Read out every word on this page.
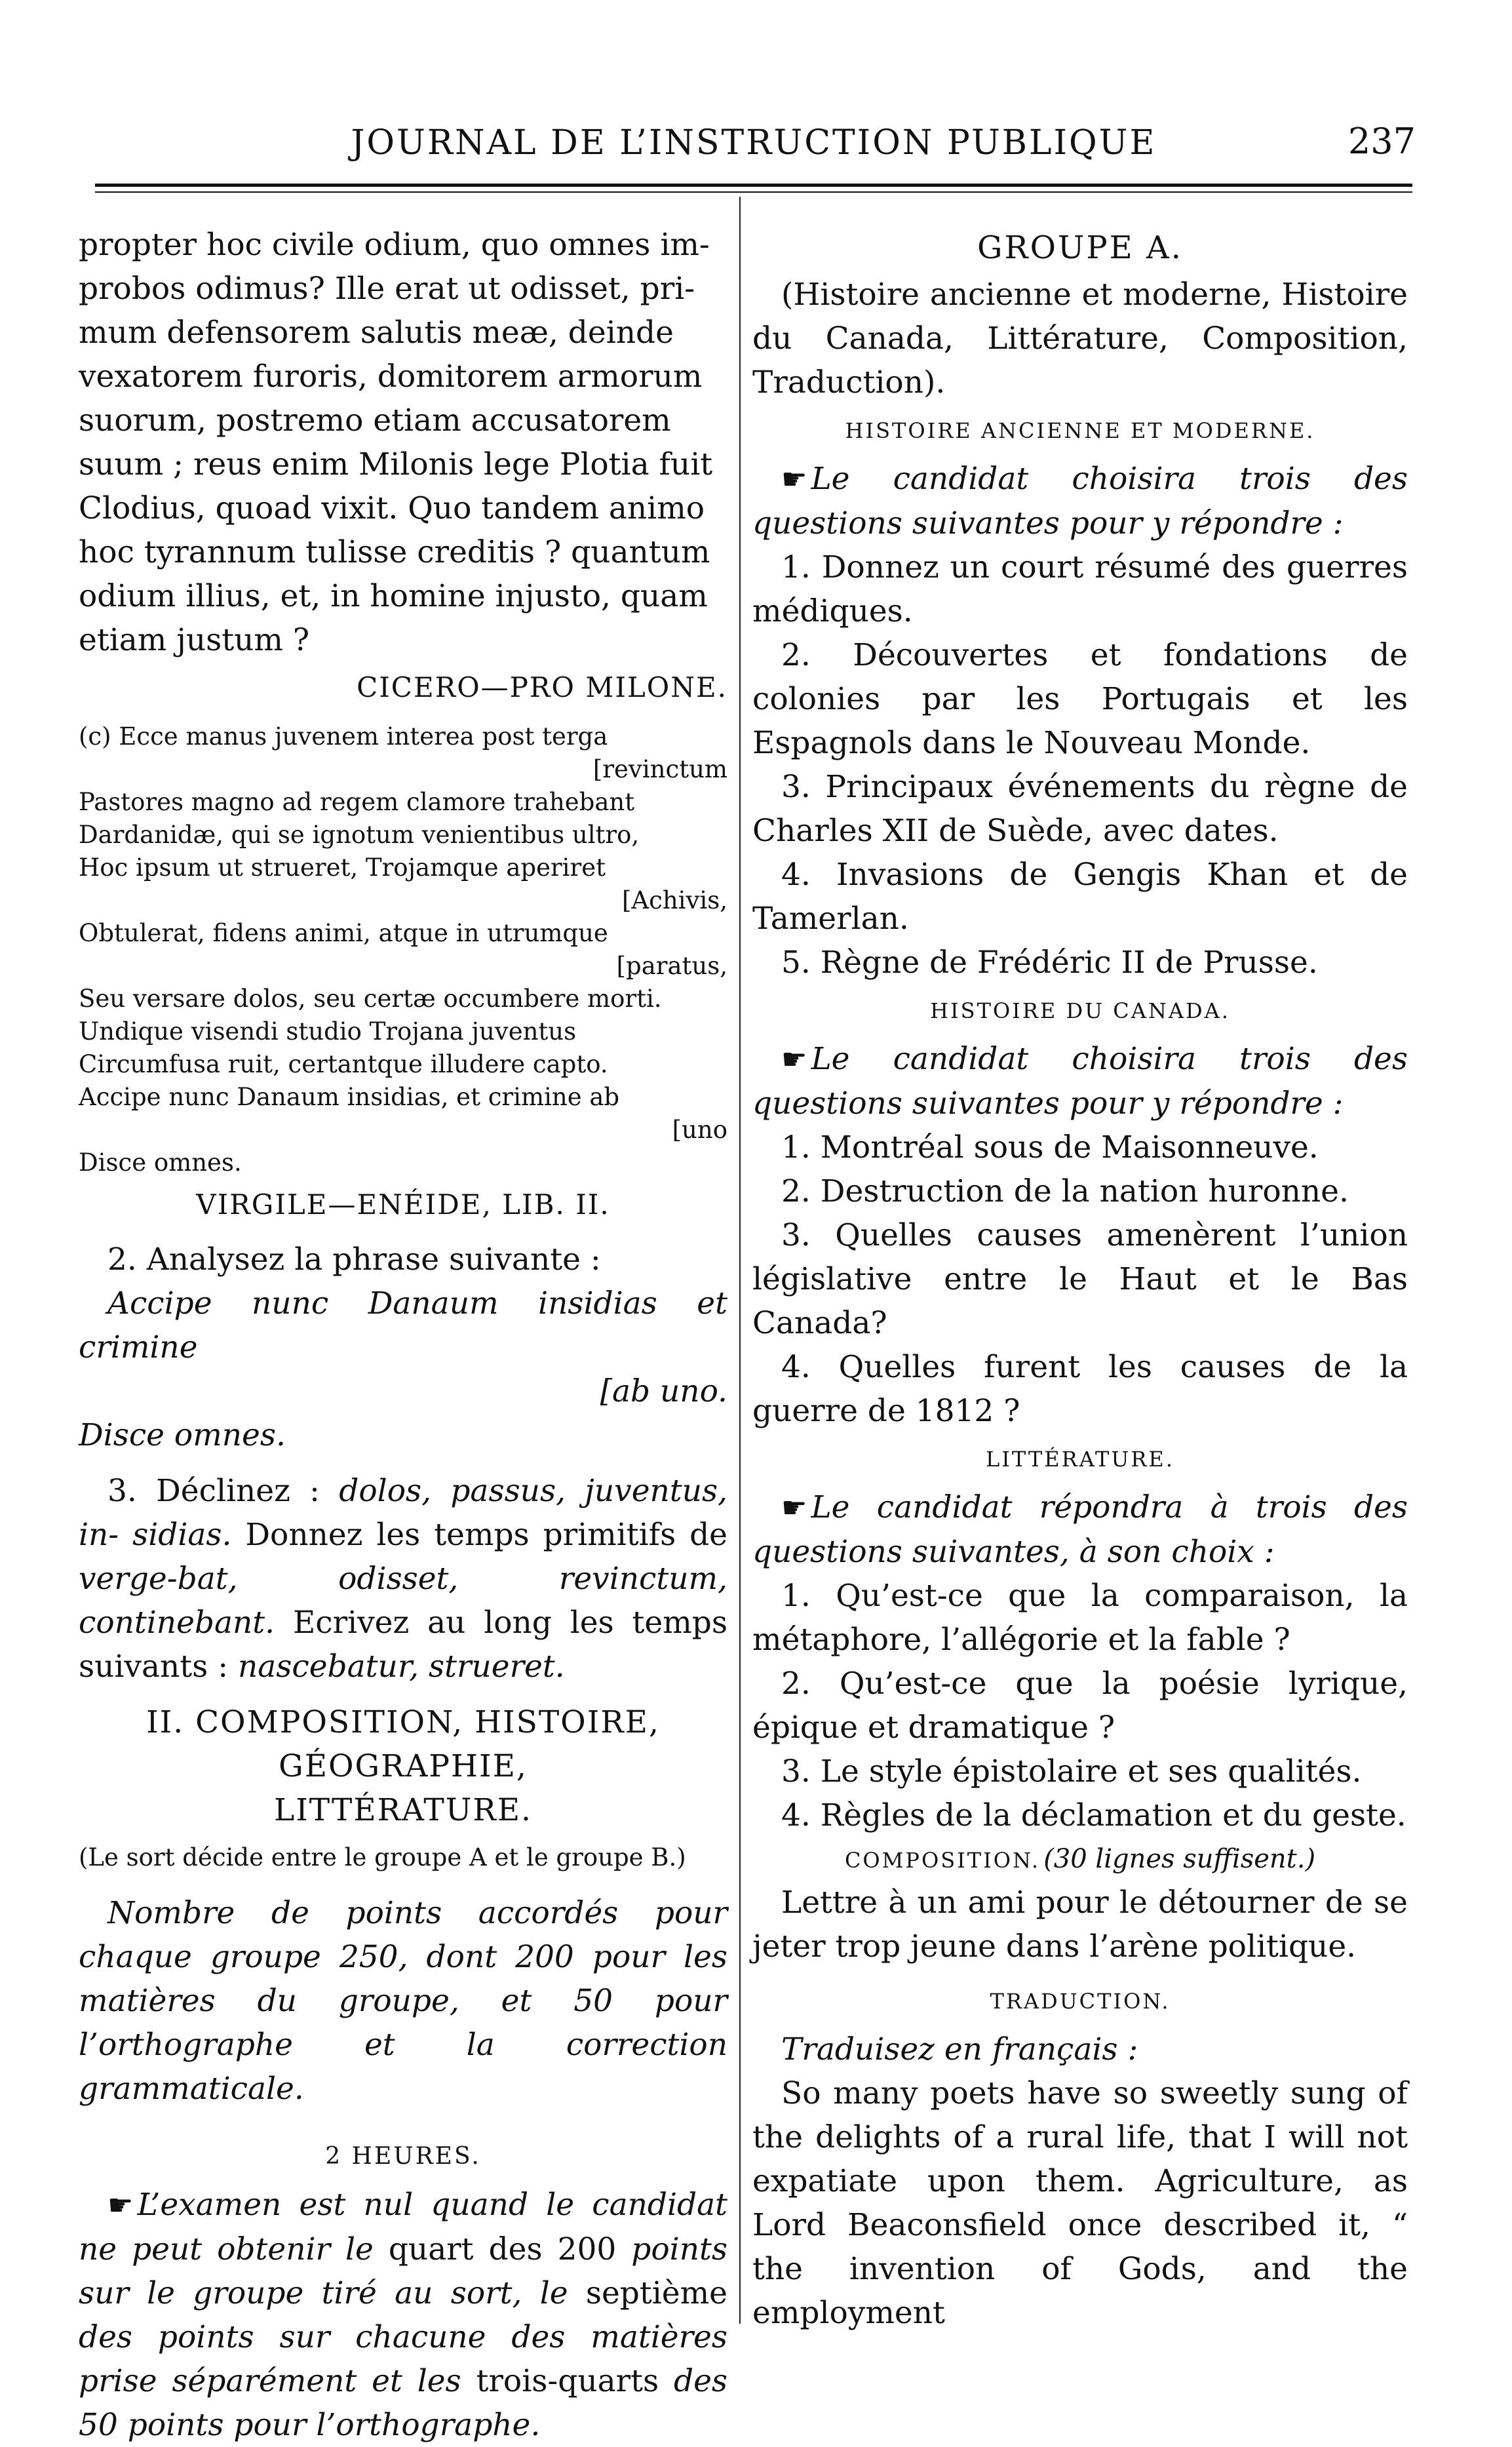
JOURNAL DE L’INSTRUCTION PUBLIQUE	237
propter hoc civile odium, quo omnes im-
probos odimus? Ille erat ut odisset, pri-
mum defensorem salutis meæ, deinde
vexatorem furoris, domitorem armorum
suorum, postremo etiam accusatorem
suum ; reus enim Milonis lege Plotia fuit
Clodius, quoad vixit. Quo tandem animo
hoc tyrannum tulisse creditis ? quantum
odium illius, et, in homine injusto, quam
etiam justum ?
CICERO—PRO MILONE.
(c) Ecce manus juvenem interea post terga
[revinctum
Pastores magno ad regem clamore trahebant
Dardanidæ, qui se ignotum venientibus ultro,
Hoc ipsum ut strueret, Trojamque aperiret
[Achivis,
Obtulerat, fidens animi, atque in utrumque
[paratus,
Seu versare dolos, seu certæ occumbere morti.
Undique visendi studio Trojana juventus
Circumfusa ruit, certantque illudere capto.
Accipe nunc Danaum insidias, et crimine ab
[uno
Disce omnes.
VIRGILE—ENÉIDE, LIB. II.
2. Analysez la phrase suivante :
Accipe nunc Danaum insidias et crimine
[ab uno.
Disce omnes.

3. Déclinez : dolos, passus, juventus, in- sidias. Donnez les temps primitifs de verge-bat, odisset, revinctum, continebant. Ecrivez au long les temps suivants : nascebatur, strueret.

II. COMPOSITION, HISTOIRE, GÉOGRAPHIE,
LITTÉRATURE.
(Le sort décide entre le groupe A et le groupe B.)

Nombre de points accordés pour chaque groupe 250, dont 200 pour les matières du groupe, et 50 pour l’orthographe et la correction grammaticale.

2 HEURES.

☛ L’examen est nul quand le candidat ne peut obtenir le quart des 200 points sur le groupe tiré au sort, le septième des points sur chacune des matières prise séparément et les trois-quarts des 50 points pour l’orthographe.

GROUPE A.

(Histoire ancienne et moderne, Histoire du Canada, Littérature, Composition, Traduction).

HISTOIRE ANCIENNE ET MODERNE.

☛ Le candidat choisira trois des questions suivantes pour y répondre :

1. Donnez un court résumé des guerres médiques.

2. Découvertes et fondations de colonies par les Portugais et les Espagnols dans le Nouveau Monde.

3. Principaux événements du règne de Charles XII de Suède, avec dates.

4. Invasions de Gengis Khan et de Tamerlan.

5. Règne de Frédéric II de Prusse.

HISTOIRE DU CANADA.

☛ Le candidat choisira trois des questions suivantes pour y répondre :

1. Montréal sous de Maisonneuve.

2. Destruction de la nation huronne.

3. Quelles causes amenèrent l’union législative entre le Haut et le Bas Canada?

4. Quelles furent les causes de la guerre de 1812 ?

LITTÉRATURE.

☛ Le candidat répondra à trois des questions suivantes, à son choix :

1. Qu’est-ce que la comparaison, la métaphore, l’allégorie et la fable ?

2. Qu’est-ce que la poésie lyrique, épique et dramatique ?

3. Le style épistolaire et ses qualités.

4. Règles de la déclamation et du geste.

COMPOSITION. (30 lignes suffisent.)

Lettre à un ami pour le détourner de se jeter trop jeune dans l’arène politique.

TRADUCTION.

Traduisez en français :

So many poets have so sweetly sung of the delights of a rural life, that I will not expatiate upon them. Agriculture, as Lord Beaconsfield once described it, “ the invention of Gods, and the employment
